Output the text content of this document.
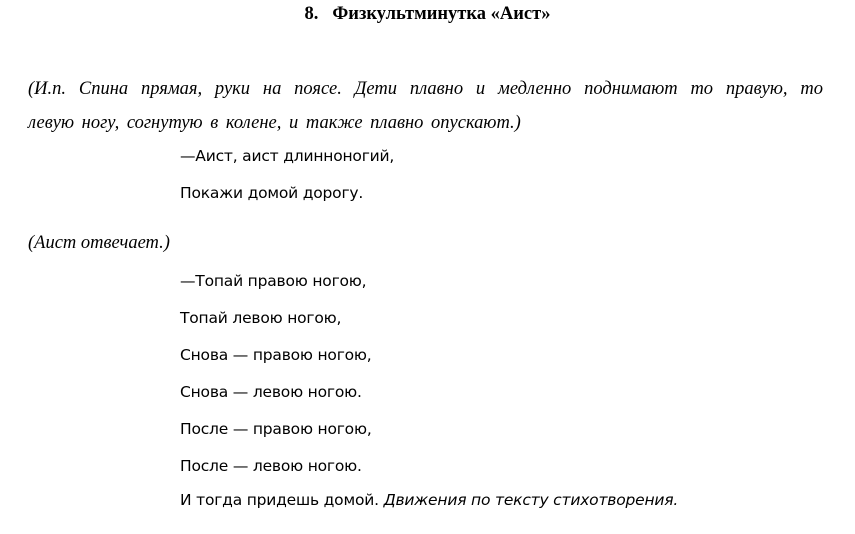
8. Физкультминутка «Аист»
(И.п. Спина прямая, руки на поясе. Дети плавно и медленно поднимают то правую, то
левую ногу, согнутую в колене, и также плавно опускают.)
—Аист, аист длинноногий,
Покажи домой дорогу.
(Аист отвечает.)
—Топай правою ногою,
Топай левою ногою,
Снова — правою ногою,
Снова — левою ногою.
После — правою ногою,
После — левою ногою.
И тогда придешь домой. Движения по тексту стихотворения.
